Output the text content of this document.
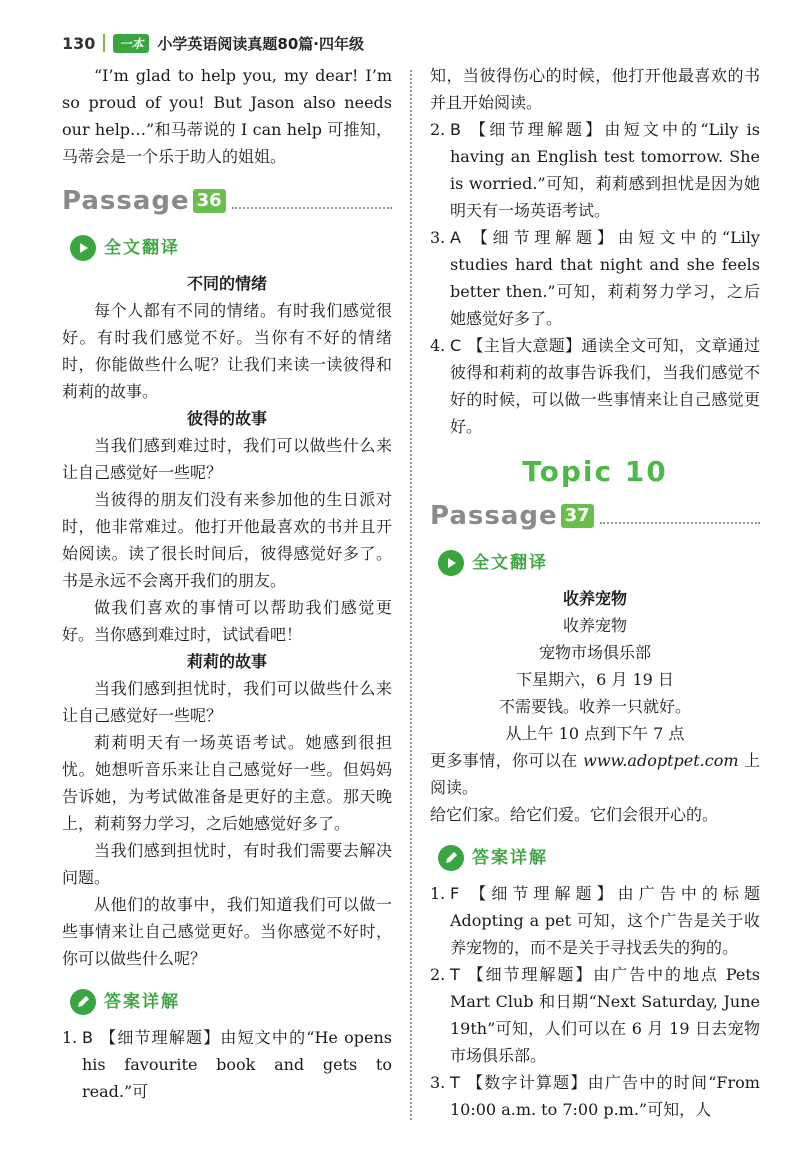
130	一本 小学英语阅读真题80篇·四年级

“I’m glad to help you, my dear! I’m so proud of you! But Jason also needs our help…”和马蒂说的 I can help 可推知，马蒂会是一个乐于助人的姐姐。

Passage 36
全文翻译

不同的情绪

每个人都有不同的情绪。有时我们感觉很好。有时我们感觉不好。当你有不好的情绪时，你能做些什么呢？让我们来读一读彼得和莉莉的故事。

彼得的故事

当我们感到难过时，我们可以做些什么来让自己感觉好一些呢？

当彼得的朋友们没有来参加他的生日派对时，他非常难过。他打开他最喜欢的书并且开始阅读。读了很长时间后，彼得感觉好多了。书是永远不会离开我们的朋友。

做我们喜欢的事情可以帮助我们感觉更好。当你感到难过时，试试看吧！

莉莉的故事

当我们感到担忧时，我们可以做些什么来让自己感觉好一些呢？

莉莉明天有一场英语考试。她感到很担忧。她想听音乐来让自己感觉好一些。但妈妈告诉她，为考试做准备是更好的主意。那天晚上，莉莉努力学习，之后她感觉好多了。

当我们感到担忧时，有时我们需要去解决问题。

从他们的故事中，我们知道我们可以做一些事情来让自己感觉更好。当你感觉不好时，你可以做些什么呢？

答案详解
1. B 【细节理解题】由短文中的“He opens his favourite book and gets to read.”可

知，当彼得伤心的时候，他打开他最喜欢的书并且开始阅读。

2. B 【细节理解题】由短文中的“Lily is having an English test tomorrow. She is worried.”可知，莉莉感到担忧是因为她明天有一场英语考试。
3. A 【细节理解题】由短文中的“Lily studies hard that night and she feels better then.”可知，莉莉努力学习，之后她感觉好多了。
4. C 【主旨大意题】通读全文可知，文章通过彼得和莉莉的故事告诉我们，当我们感觉不好的时候，可以做一些事情来让自己感觉更好。
Topic 10
Passage 37
全文翻译

收养宠物

收养宠物

宠物市场俱乐部

下星期六，6 月 19 日

不需要钱。收养一只就好。

从上午 10 点到下午 7 点

更多事情，你可以在 www.adoptpet.com 上阅读。

给它们家。给它们爱。它们会很开心的。

答案详解
1. F 【细节理解题】由广告中的标题 Adopting a pet 可知，这个广告是关于收养宠物的，而不是关于寻找丢失的狗的。
2. T 【细节理解题】由广告中的地点 Pets Mart Club 和日期“Next Saturday, June 19th”可知，人们可以在 6 月 19 日去宠物市场俱乐部。
3. T 【数字计算题】由广告中的时间“From 10:00 a.m. to 7:00 p.m.”可知，人
